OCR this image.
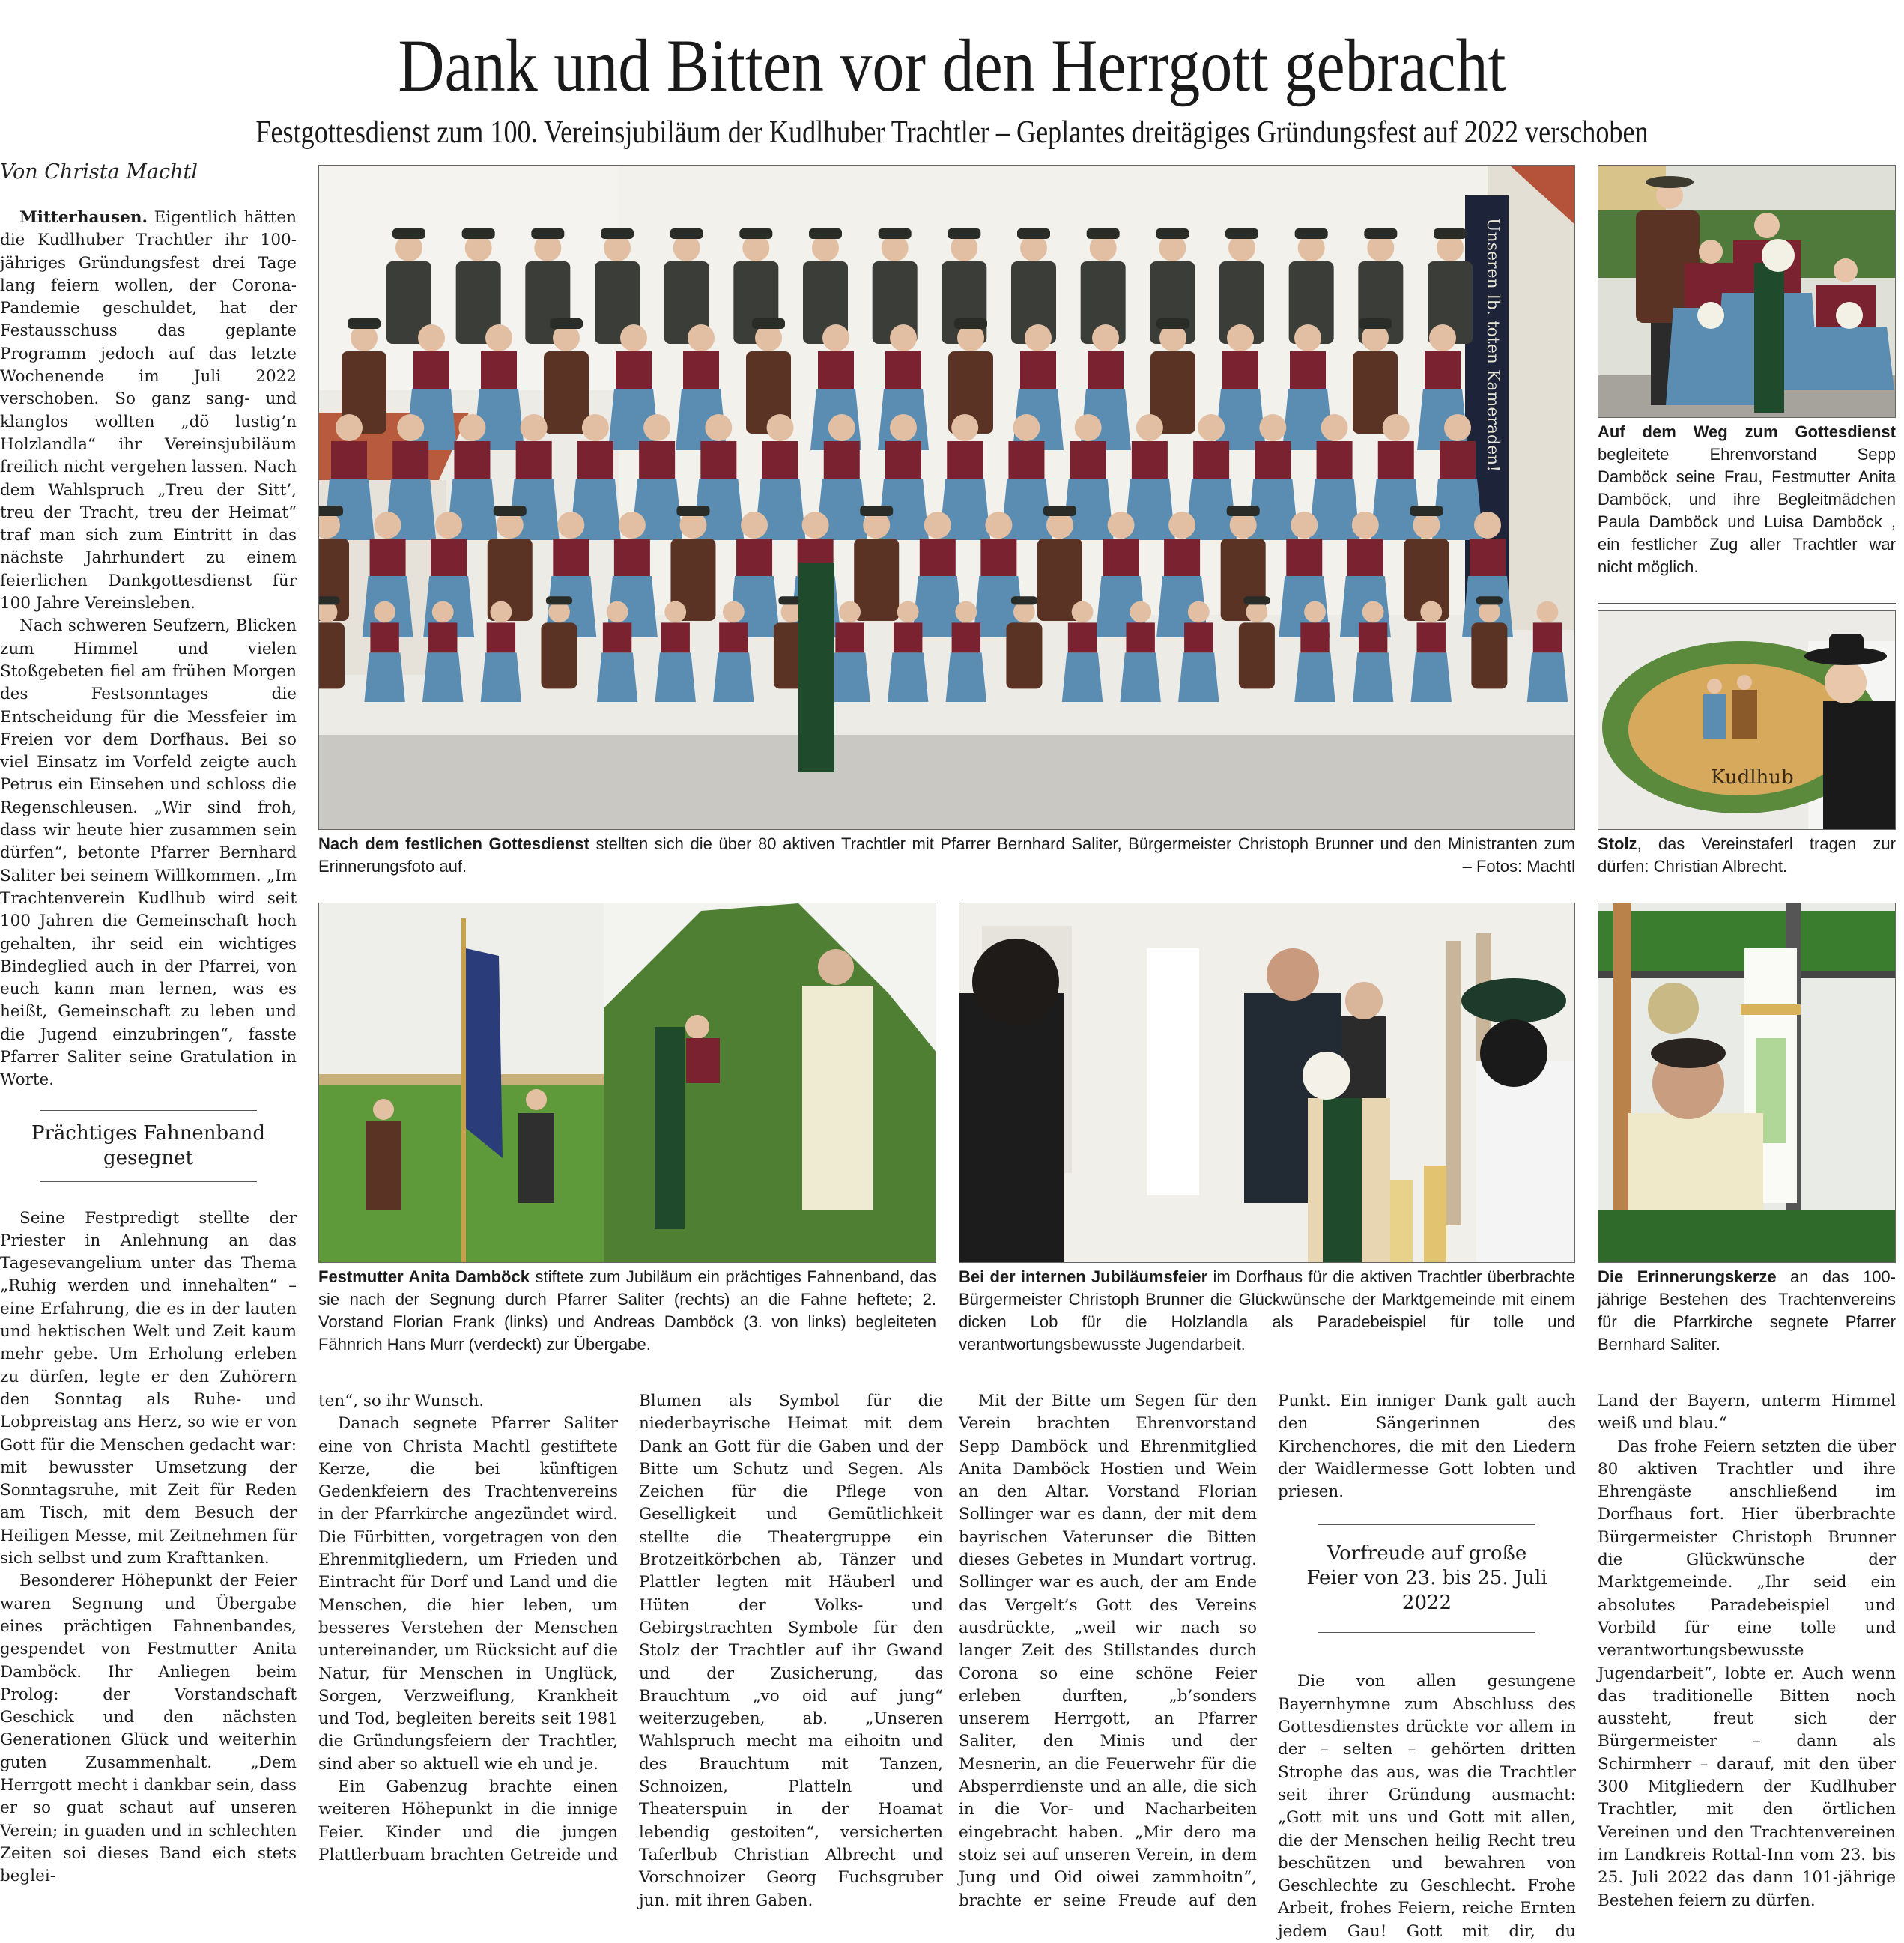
Dank und Bitten vor den Herrgott gebracht
Festgottesdienst zum 100. Vereinsjubiläum der Kudlhuber Trachtler – Geplantes dreitägiges Gründungsfest auf 2022 verschoben
Von Christa Machtl

Mitterhausen. Eigentlich hätten die Kudlhuber Trachtler ihr 100-jähriges Gründungsfest drei Tage lang feiern wollen, der Corona-Pandemie geschuldet, hat der Festausschuss das geplante Programm jedoch auf das letzte Wochenende im Juli 2022 verschoben. So ganz sang- und klanglos wollten „dö lustig’n Holzlandla“ ihr Vereinsjubiläum freilich nicht vergehen lassen. Nach dem Wahlspruch „Treu der Sitt’, treu der Tracht, treu der Heimat“ traf man sich zum Eintritt in das nächste Jahrhundert zu einem feierlichen Dankgottesdienst für 100 Jahre Vereinsleben.

Nach schweren Seufzern, Blicken zum Himmel und vielen Stoßgebeten fiel am frühen Morgen des Festsonntages die Entscheidung für die Messfeier im Freien vor dem Dorfhaus. Bei so viel Einsatz im Vorfeld zeigte auch Petrus ein Einsehen und schloss die Regenschleusen. „Wir sind froh, dass wir heute hier zusammen sein dürfen“, betonte Pfarrer Bernhard Saliter bei seinem Willkommen. „Im Trachtenverein Kudlhub wird seit 100 Jahren die Gemeinschaft hoch gehalten, ihr seid ein wichtiges Bindeglied auch in der Pfarrei, von euch kann man lernen, was es heißt, Gemeinschaft zu leben und die Jugend einzubringen“, fasste Pfarrer Saliter seine Gratulation in Worte.

Prächtiges Fahnenband gesegnet

Seine Festpredigt stellte der Priester in Anlehnung an das Tagesevangelium unter das Thema „Ruhig werden und innehalten“ – eine Erfahrung, die es in der lauten und hektischen Welt und Zeit kaum mehr gebe. Um Erholung erleben zu dürfen, legte er den Zuhörern den Sonntag als Ruhe- und Lobpreistag ans Herz, so wie er von Gott für die Menschen gedacht war: mit bewusster Umsetzung der Sonntagsruhe, mit Zeit für Reden am Tisch, mit dem Besuch der Heiligen Messe, mit Zeitnehmen für sich selbst und zum Krafttanken.

Besonderer Höhepunkt der Feier waren Segnung und Übergabe eines prächtigen Fahnenbandes, gespendet von Festmutter Anita Damböck. Ihr Anliegen beim Prolog: der Vorstandschaft Geschick und den nächsten Generationen Glück und weiterhin guten Zusammenhalt. „Dem Herrgott mecht i dankbar sein, dass er so guat schaut auf unseren Verein; in guaden und in schlechten Zeiten soi dieses Band eich stets beglei-

Unseren lb. toten Kameraden!
Nach dem festlichen Gottesdienst stellten sich die über 80 aktiven Trachtler mit Pfarrer Bernhard Saliter, Bürgermeister Christoph Brunner und den Ministranten zum Erinnerungsfoto auf.	– Fotos: Machtl
Auf dem Weg zum Gottesdienst begleitete Ehrenvorstand Sepp Damböck seine Frau, Festmutter Anita Damböck, und ihre Begleitmädchen Paula Damböck und Luisa Damböck , ein festlicher Zug aller Trachtler war nicht möglich.
Kudlhub
Stolz, das Vereinstaferl tragen zur dürfen: Christian Albrecht.
Festmutter Anita Damböck stiftete zum Jubiläum ein prächtiges Fahnenband, das sie nach der Segnung durch Pfarrer Saliter (rechts) an die Fahne heftete; 2. Vorstand Florian Frank (links) und Andreas Damböck (3. von links) begleiteten Fähnrich Hans Murr (verdeckt) zur Übergabe.
Bei der internen Jubiläumsfeier im Dorfhaus für die aktiven Trachtler überbrachte Bürgermeister Christoph Brunner die Glückwünsche der Marktgemeinde mit einem dicken Lob für die Holzlandla als Paradebeispiel für tolle und verantwortungsbewusste Jugendarbeit.
Die Erinnerungskerze an das 100-jährige Bestehen des Trachtenvereins für die Pfarrkirche segnete Pfarrer Bernhard Saliter.

ten“, so ihr Wunsch.

Danach segnete Pfarrer Saliter eine von Christa Machtl gestiftete Kerze, die bei künftigen Gedenkfeiern des Trachtenvereins in der Pfarrkirche angezündet wird. Die Fürbitten, vorgetragen von den Ehrenmitgliedern, um Frieden und Eintracht für Dorf und Land und die Menschen, die hier leben, um besseres Verstehen der Menschen untereinander, um Rücksicht auf die Natur, für Menschen in Unglück, Sorgen, Verzweiflung, Krankheit und Tod, begleiten bereits seit 1981 die Gründungsfeiern der Trachtler, sind aber so aktuell wie eh und je.

Ein Gabenzug brachte einen weiteren Höhepunkt in die innige Feier. Kinder und die jungen Plattlerbuam brachten Getreide und

Blumen als Symbol für die niederbayrische Heimat mit dem Dank an Gott für die Gaben und der Bitte um Schutz und Segen. Als Zeichen für die Pflege von Geselligkeit und Gemütlichkeit stellte die Theatergruppe ein Brotzeitkörbchen ab, Tänzer und Plattler legten mit Häuberl und Hüten der Volks- und Gebirgstrachten Symbole für den Stolz der Trachtler auf ihr Gwand und der Zusicherung, das Brauchtum „vo oid auf jung“ weiterzugeben, ab. „Unseren Wahlspruch mecht ma eihoitn und des Brauchtum mit Tanzen, Schnoizen, Platteln und Theaterspuin in der Hoamat lebendig gestoiten“, versicherten Taferlbub Christian Albrecht und Vorschnoizer Georg Fuchsgruber jun. mit ihren Gaben.

Mit der Bitte um Segen für den Verein brachten Ehrenvorstand Sepp Damböck und Ehrenmitglied Anita Damböck Hostien und Wein an den Altar. Vorstand Florian Sollinger war es dann, der mit dem bayrischen Vaterunser die Bitten dieses Gebetes in Mundart vortrug. Sollinger war es auch, der am Ende das Vergelt’s Gott des Vereins ausdrückte, „weil wir nach so langer Zeit des Stillstandes durch Corona so eine schöne Feier erleben durften, „b’sonders unserem Herrgott, an Pfarrer Saliter, den Minis und der Mesnerin, an die Feuerwehr für die Absperrdienste und an alle, die sich in die Vor- und Nacharbeiten eingebracht haben. „Mir dero ma stoiz sei auf unseren Verein, in dem Jung und Oid oiwei zammhoitn“, brachte er seine Freude auf den

Punkt. Ein inniger Dank galt auch den Sängerinnen des Kirchenchores, die mit den Liedern der Waidlermesse Gott lobten und priesen.

Vorfreude auf große Feier von 23. bis 25. Juli 2022

Die von allen gesungene Bayernhymne zum Abschluss des Gottesdienstes drückte vor allem in der – selten – gehörten dritten Strophe das aus, was die Trachtler seit ihrer Gründung ausmacht: „Gott mit uns und Gott mit allen, die der Menschen heilig Recht treu beschützen und bewahren von Geschlechte zu Geschlecht. Frohe Arbeit, frohes Feiern, reiche Ernten jedem Gau! Gott mit dir, du

Land der Bayern, unterm Himmel weiß und blau.“

Das frohe Feiern setzten die über 80 aktiven Trachtler und ihre Ehrengäste anschließend im Dorfhaus fort. Hier überbrachte Bürgermeister Christoph Brunner die Glückwünsche der Marktgemeinde. „Ihr seid ein absolutes Paradebeispiel und Vorbild für eine tolle und verantwortungsbewusste Jugendarbeit“, lobte er. Auch wenn das traditionelle Bitten noch aussteht, freut sich der Bürgermeister – dann als Schirmherr – darauf, mit den über 300 Mitgliedern der Kudlhuber Trachtler, mit den örtlichen Vereinen und den Trachtenvereinen im Landkreis Rottal-Inn vom 23. bis 25. Juli 2022 das dann 101-jährige Bestehen feiern zu dürfen.
